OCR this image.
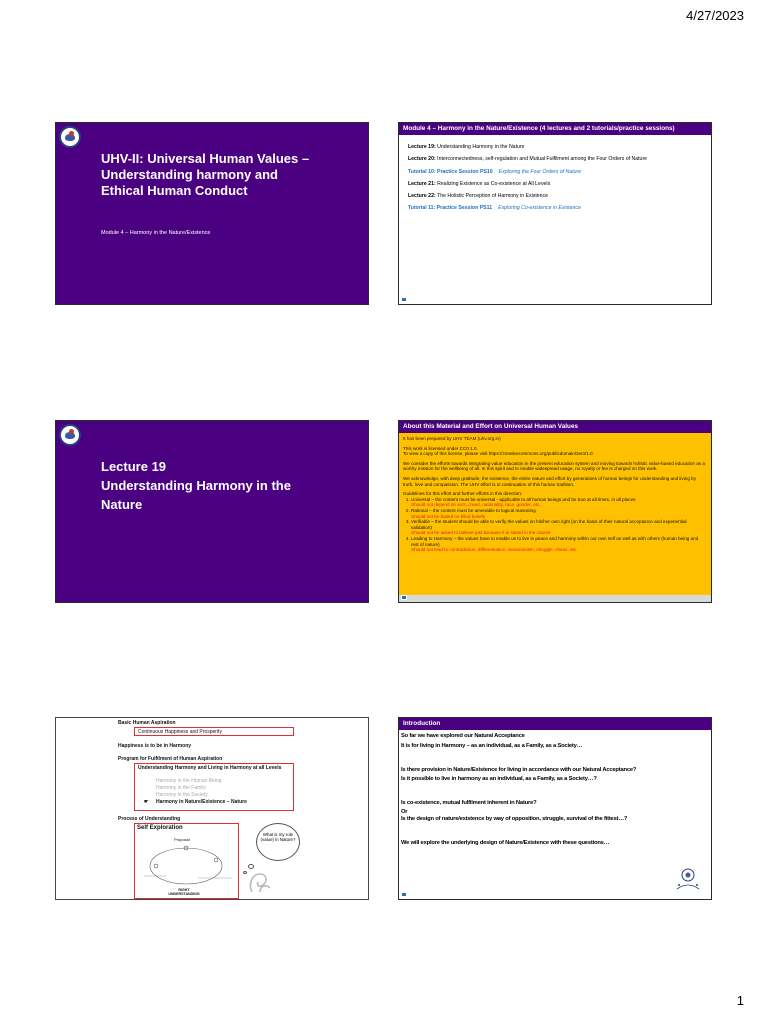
4/27/2023
UHV-II: Universal Human Values – Understanding harmony and Ethical Human Conduct
Module 4 – Harmony in the Nature/Existence
Module 4 – Harmony in the Nature/Existence (4 lectures and 2 tutorials/practice sessions)
Lecture 19: Understanding Harmony in the Nature
Lecture 20: Interconnectedness, self-regulation and Mutual Fulfilment among the Four Orders of Nature
Tutorial 10: Practice Session PS10 Exploring the Four Orders of Nature
Lecture 21: Realizing Existence as Co-existence at All Levels
Lecture 22: The Holistic Perception of Harmony in Existence
Tutorial 11: Practice Session PS11 Exploring Co-existence in Existence
Lecture 19
Understanding Harmony in the Nature
About this Material and Effort on Universal Human Values

It has been prepared by UHV TEAM (uhv.org.in)

This work is licensed under CC0 1.0.
To view a copy of this license, please visit https://creativecommons.org/publicdomain/zero/1.0

We consider the efforts towards integrating value education in the present education system and moving towards holistic value-based education as a worthy mission for the wellbeing of all. In this spirit and to enable widespread usage, no royalty or fee is charged on this work.

We acknowledge, with deep gratitude, the existence, the entire nature and effort by generations of human beings for understanding and living by truth, love and compassion. The UHV effort is in continuation of this human tradition.

Guidelines for this effort and further efforts in this direction:
1. Universal – the content must be universal - applicable to all human beings and be true at all times, in all places
Should not depend on sect, creed, nationality, race, gender, etc.
2. Rational – the content must be amenable to logical reasoning
Should not be based on blind beliefs
3. Verifiable – the student should be able to verify the values on his/her own right (on the basis of their natural acceptance and experiential validation)
Should not be asked to believe just because it is stated in the course
4. Leading to Harmony – the values have to enable us to live in peace and harmony within our own self as well as with others (human being and rest of nature)
Should not lead to contradiction, differentiation, sectarianism, struggle, chaos, etc.
Basic Human Aspiration
Continuous Happiness and Prosperity
Happiness is to be in Harmony
Program for Fulfilment of Human Aspiration
Understanding Harmony and Living in Harmony at all Levels
Harmony in the Human Being
Harmony in the Family
Harmony in the Society
☛ Harmony in Nature/Existence – Nature
Process of Understanding
Self Exploration
Proposal
RIGHT UNDERSTANDING
What is my role (value) in Nature?
Introduction
So far we have explored our Natural Acceptance
It is for living in Harmony – as an individual, as a Family, as a Society…
Is there provision in Nature/Existence for living in accordance with our Natural Acceptance?
Is it possible to live in harmony as an individual, as a Family, as a Society…?
Is co-existence, mutual fulfilment inherent in Nature?
Or
Is the design of nature/existence by way of opposition, struggle, survival of the fittest…?
We will explore the underlying design of Nature/Existence with these questions…
1
